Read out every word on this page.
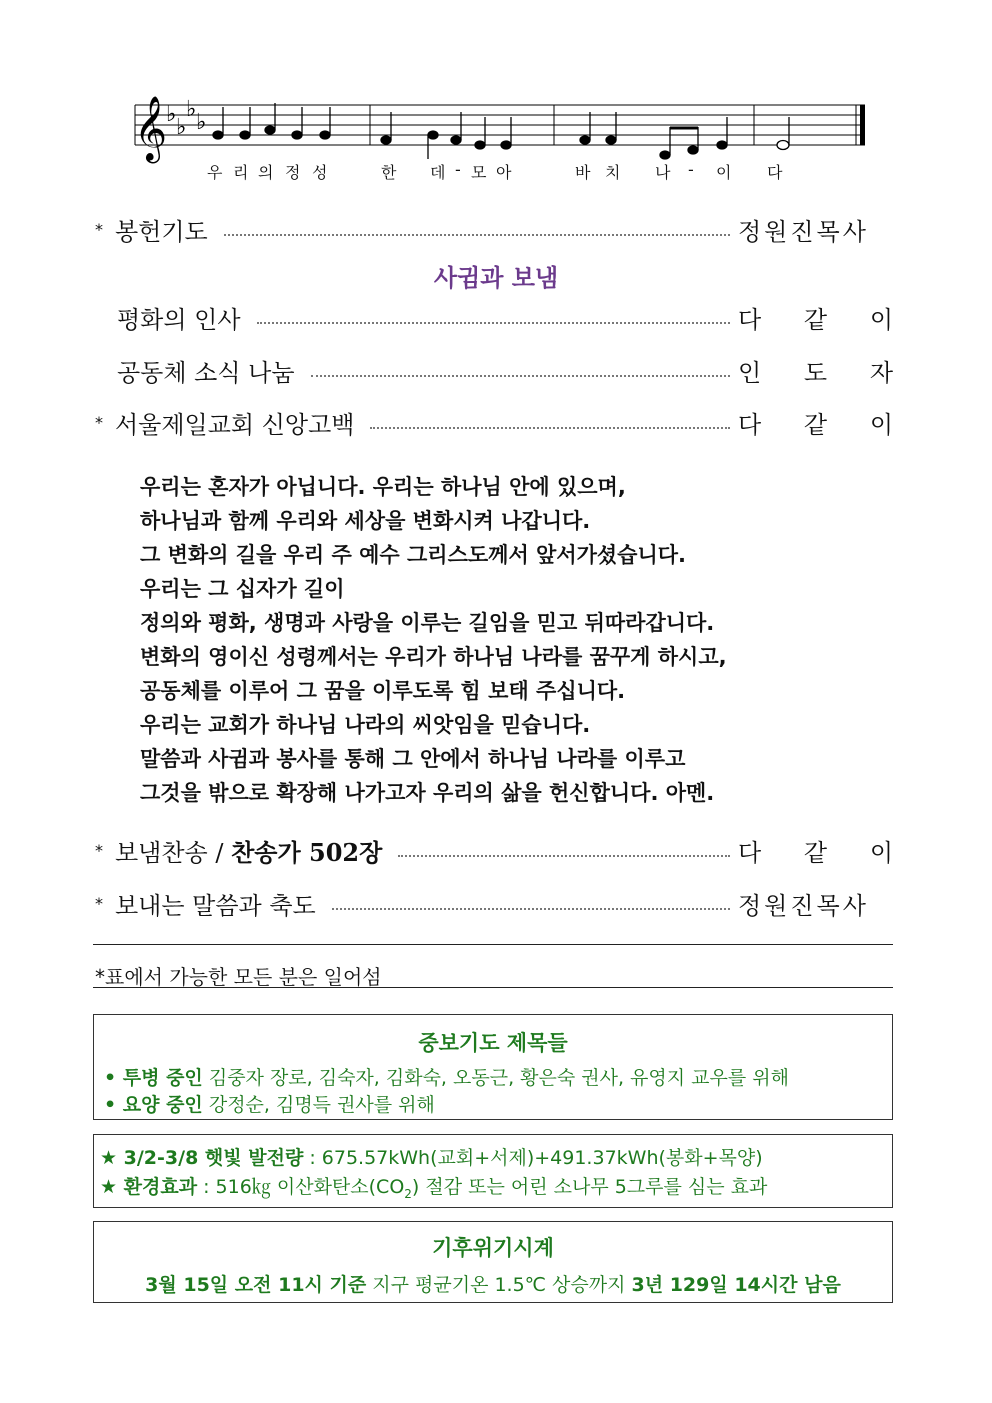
𝄞
♭
♭
♭
♭
우 리 의 정 성	한 데 - 모 아	바 치 나 - 이 다
* 봉헌기도	정원진목사
사귐과 보냄
평화의 인사	다 같 이
공동체 소식 나눔	인 도 자
* 서울제일교회 신앙고백	다 같 이
우리는 혼자가 아닙니다. 우리는 하나님 안에 있으며,
하나님과 함께 우리와 세상을 변화시켜 나갑니다.
그 변화의 길을 우리 주 예수 그리스도께서 앞서가셨습니다.
우리는 그 십자가 길이
정의와 평화, 생명과 사랑을 이루는 길임을 믿고 뒤따라갑니다.
변화의 영이신 성령께서는 우리가 하나님 나라를 꿈꾸게 하시고,
공동체를 이루어 그 꿈을 이루도록 힘 보태 주십니다.
우리는 교회가 하나님 나라의 씨앗임을 믿습니다.
말씀과 사귐과 봉사를 통해 그 안에서 하나님 나라를 이루고
그것을 밖으로 확장해 나가고자 우리의 삶을 헌신합니다. 아멘.
* 보냄찬송 / 찬송가 502장	다 같 이
* 보내는 말씀과 축도	정원진목사
*표에서 가능한 모든 분은 일어섬
중보기도 제목들
• 투병 중인 김중자 장로, 김숙자, 김화숙, 오동근, 황은숙 권사, 유영지 교우를 위해
• 요양 중인 강정순, 김명득 권사를 위해
★ 3/2-3/8 햇빛 발전량 : 675.57kWh(교회+서제)+491.37kWh(봉화+목양)
★ 환경효과 : 516㎏ 이산화탄소$(CO_2)$ 절감 또는 어린 소나무 5그루를 심는 효과
기후위기시계
3월 15일 오전 11시 기준 지구 평균기온 1.5℃ 상승까지 3년 129일 14시간 남음
